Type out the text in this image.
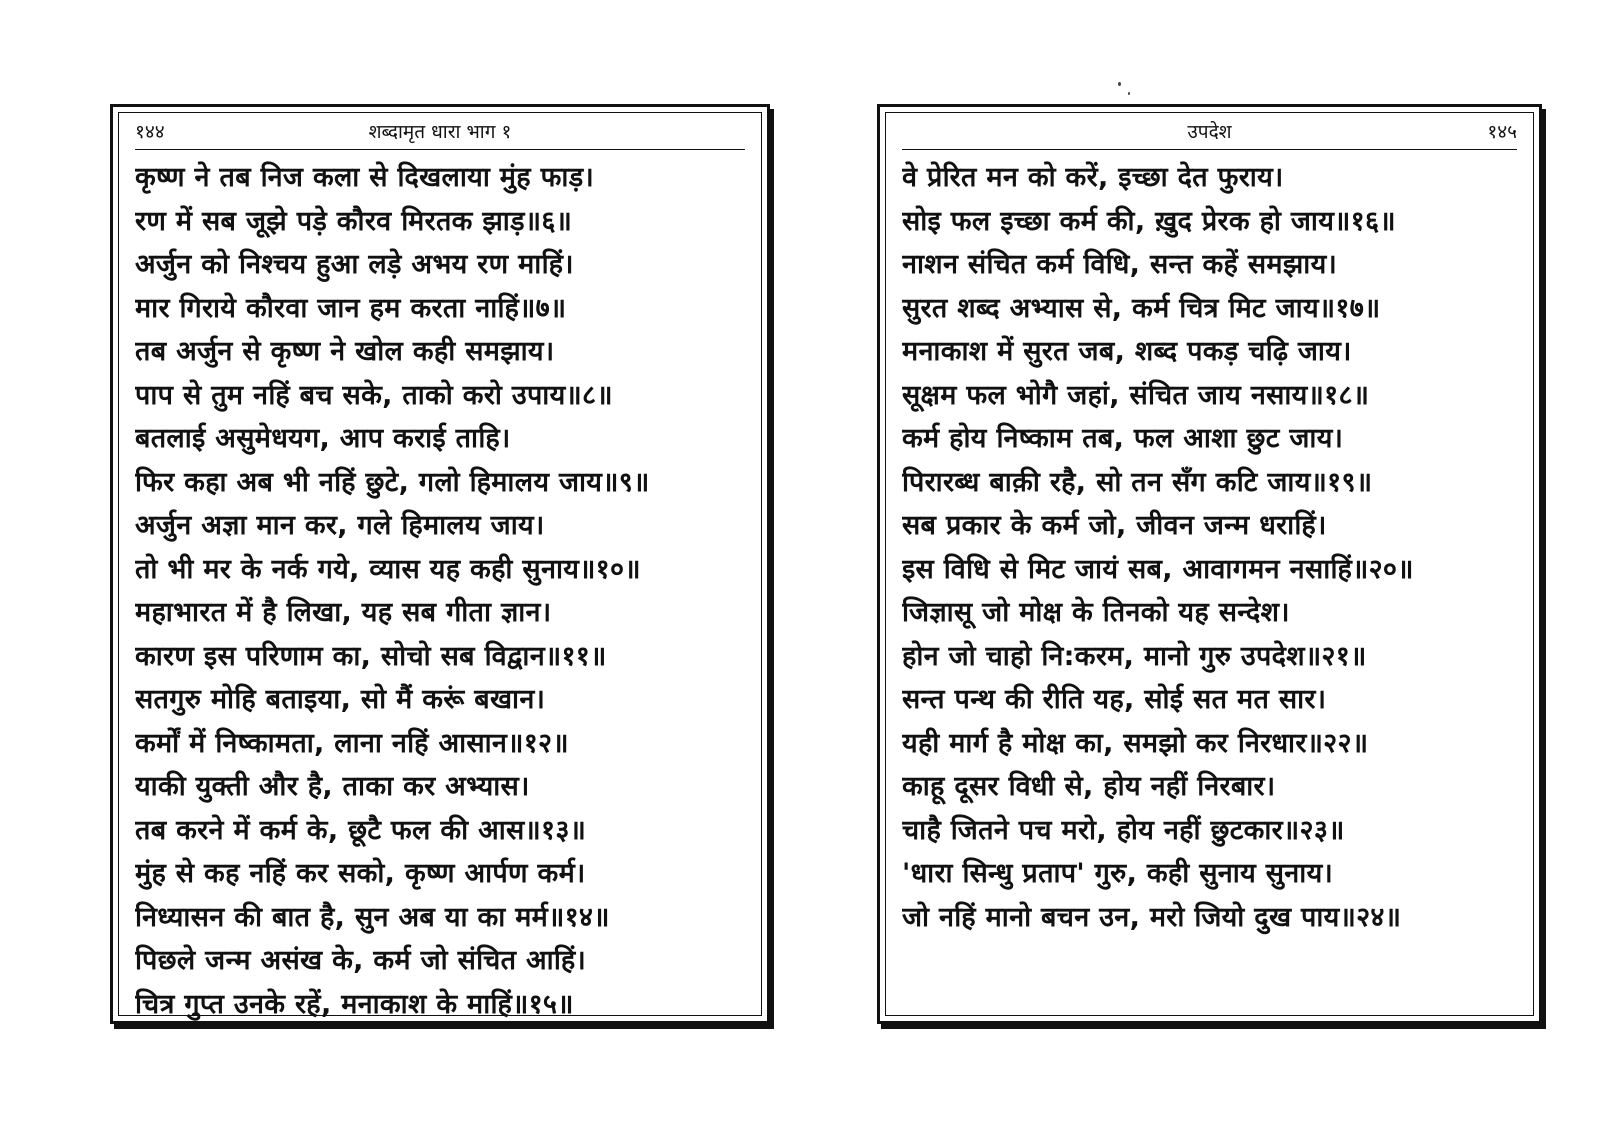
१४४	शब्दामृत धारा भाग १
कृष्ण ने तब निज कला से दिखलाया मुंह फाड़।
रण में सब जूझे पड़े कौरव मिरतक झाड़॥६॥
अर्जुन को निश्चय हुआ लड़े अभय रण माहिं।
मार गिराये कौरवा जान हम करता नाहिं॥७॥
तब अर्जुन से कृष्ण ने खोल कही समझाय।
पाप से तुम नहिं बच सके, ताको करो उपाय॥८॥
बतलाई असुमेधयग, आप कराई ताहि।
फिर कहा अब भी नहिं छुटे, गलो हिमालय जाय॥९॥
अर्जुन अज्ञा मान कर, गले हिमालय जाय।
तो भी मर के नर्क गये, व्यास यह कही सुनाय॥१०॥
महाभारत में है लिखा, यह सब गीता ज्ञान।
कारण इस परिणाम का, सोचो सब विद्वान॥११॥
सतगुरु मोहि बताइया, सो मैं करूं बखान।
कर्मों में निष्कामता, लाना नहिं आसान॥१२॥
याकी युक्ती और है, ताका कर अभ्यास।
तब करने में कर्म के, छूटै फल की आस॥१३॥
मुंह से कह नहिं कर सको, कृष्ण आर्पण कर्म।
निध्यासन की बात है, सुन अब या का मर्म॥१४॥
पिछले जन्म असंख के, कर्म जो संचित आहिं।
चित्र गुप्त उनके रहें, मनाकाश के माहिं॥१५॥
उपदेश	१४५
वे प्रेरित मन को करें, इच्छा देत फुराय।
सोइ फल इच्छा कर्म की, ख़ुद प्रेरक हो जाय॥१६॥
नाशन संचित कर्म विधि, सन्त कहें समझाय।
सुरत शब्द अभ्यास से, कर्म चित्र मिट जाय॥१७॥
मनाकाश में सुरत जब, शब्द पकड़ चढ़ि जाय।
सूक्षम फल भोगै जहां, संचित जाय नसाय॥१८॥
कर्म होय निष्काम तब, फल आशा छुट जाय।
पिरारब्ध बाक़ी रहै, सो तन सँग कटि जाय॥१९॥
सब प्रकार के कर्म जो, जीवन जन्म धराहिं।
इस विधि से मिट जायं सब, आवागमन नसाहिं॥२०॥
जिज्ञासू जो मोक्ष के तिनको यह सन्देश।
होन जो चाहो नि:करम, मानो गुरु उपदेश॥२१॥
सन्त पन्थ की रीति यह, सोई सत मत सार।
यही मार्ग है मोक्ष का, समझो कर निरधार॥२२॥
काहू दूसर विधी से, होय नहीं निरबार।
चाहै जितने पच मरो, होय नहीं छुटकार॥२३॥
'धारा सिन्धु प्रताप' गुरु, कही सुनाय सुनाय।
जो नहिं मानो बचन उन, मरो जियो दुख पाय॥२४॥
